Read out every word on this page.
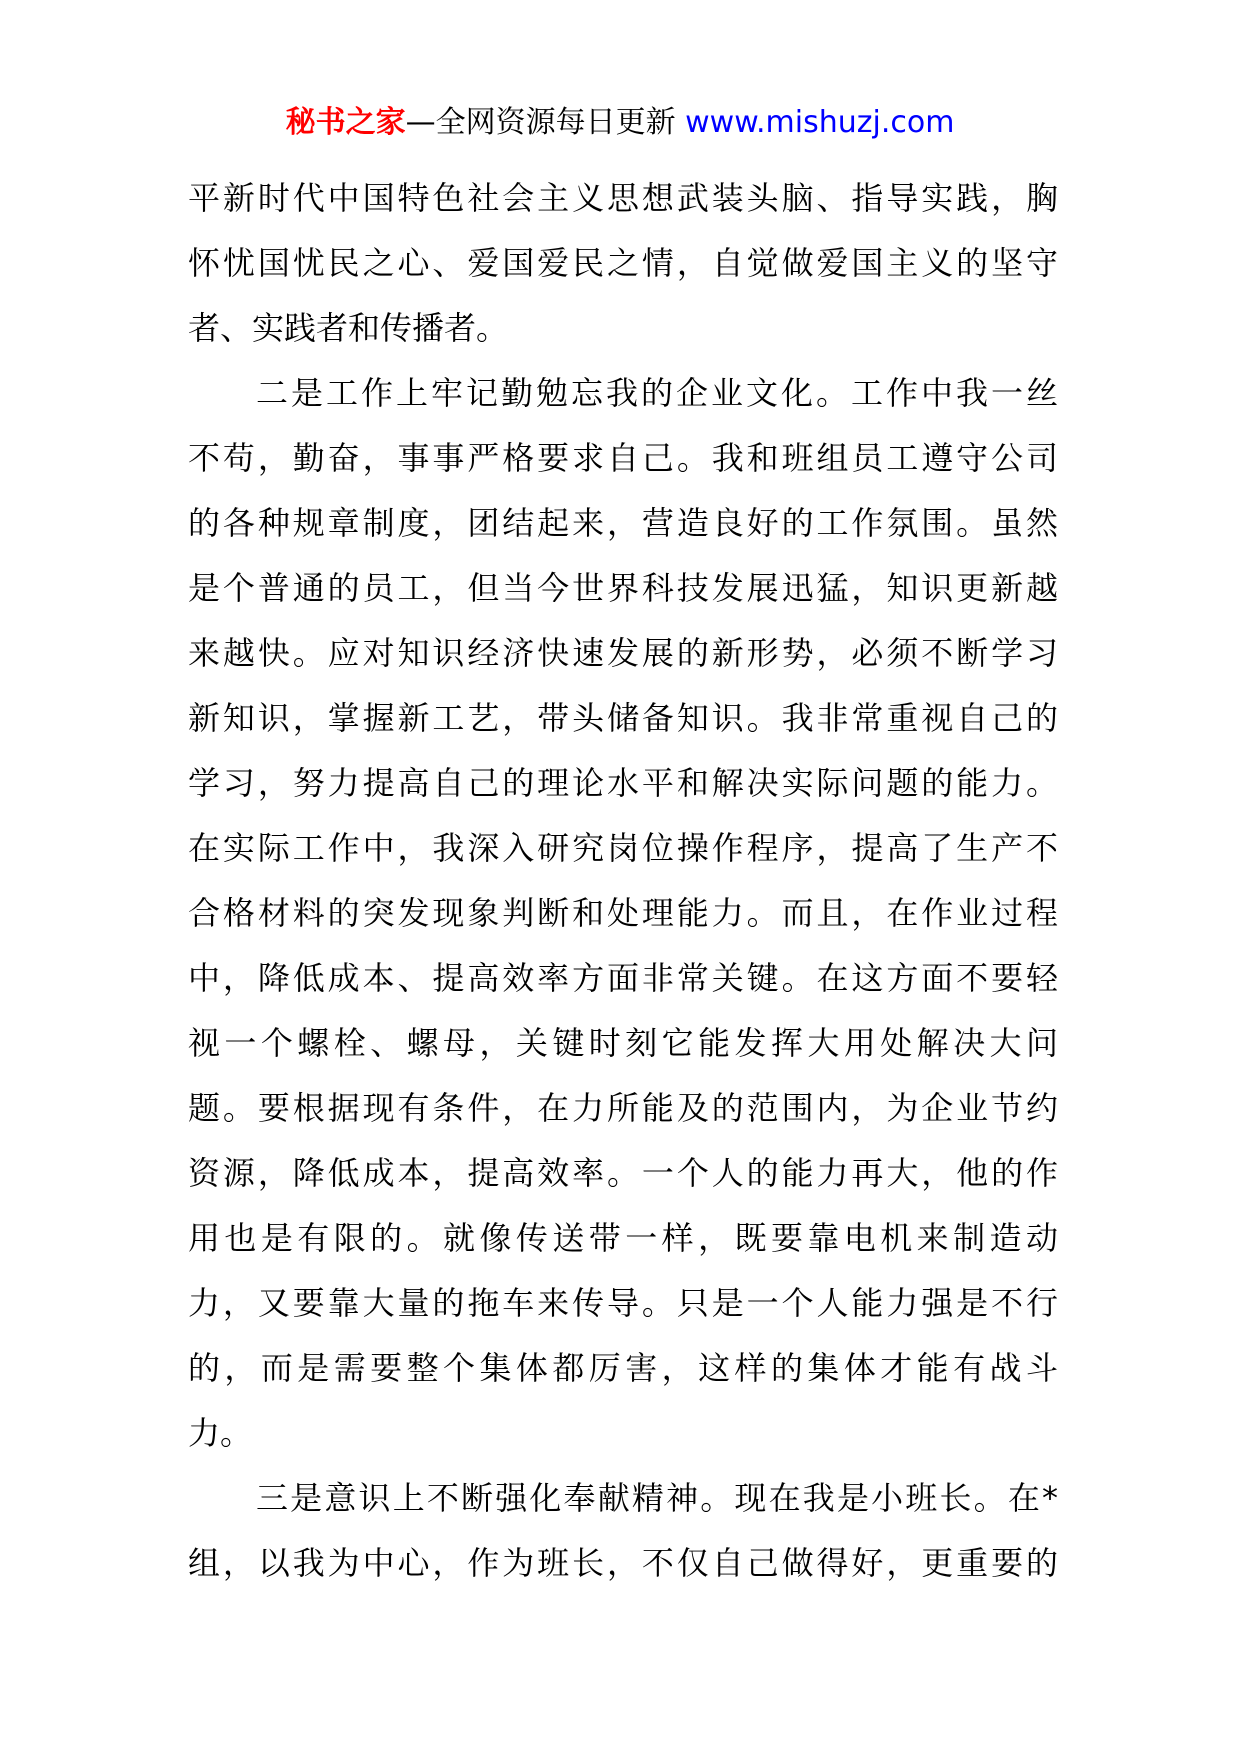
秘书之家—全网资源每日更新 www.mishuzj.com
平新时代中国特色社会主义思想武装头脑、指导实践，胸
怀忧国忧民之心、爱国爱民之情，自觉做爱国主义的坚守
者、实践者和传播者。
二是工作上牢记勤勉忘我的企业文化。工作中我一丝
不苟，勤奋，事事严格要求自己。我和班组员工遵守公司
的各种规章制度，团结起来，营造良好的工作氛围。虽然
是个普通的员工，但当今世界科技发展迅猛，知识更新越
来越快。应对知识经济快速发展的新形势，必须不断学习
新知识，掌握新工艺，带头储备知识。我非常重视自己的
学习，努力提高自己的理论水平和解决实际问题的能力。
在实际工作中，我深入研究岗位操作程序，提高了生产不
合格材料的突发现象判断和处理能力。而且，在作业过程
中，降低成本、提高效率方面非常关键。在这方面不要轻
视一个螺栓、螺母，关键时刻它能发挥大用处解决大问
题。要根据现有条件，在力所能及的范围内，为企业节约
资源，降低成本，提高效率。一个人的能力再大，他的作
用也是有限的。就像传送带一样，既要靠电机来制造动
力，又要靠大量的拖车来传导。只是一个人能力强是不行
的，而是需要整个集体都厉害，这样的集体才能有战斗
力。
三是意识上不断强化奉献精神。现在我是小班长。在*
组，以我为中心，作为班长，不仅自己做得好，更重要的
